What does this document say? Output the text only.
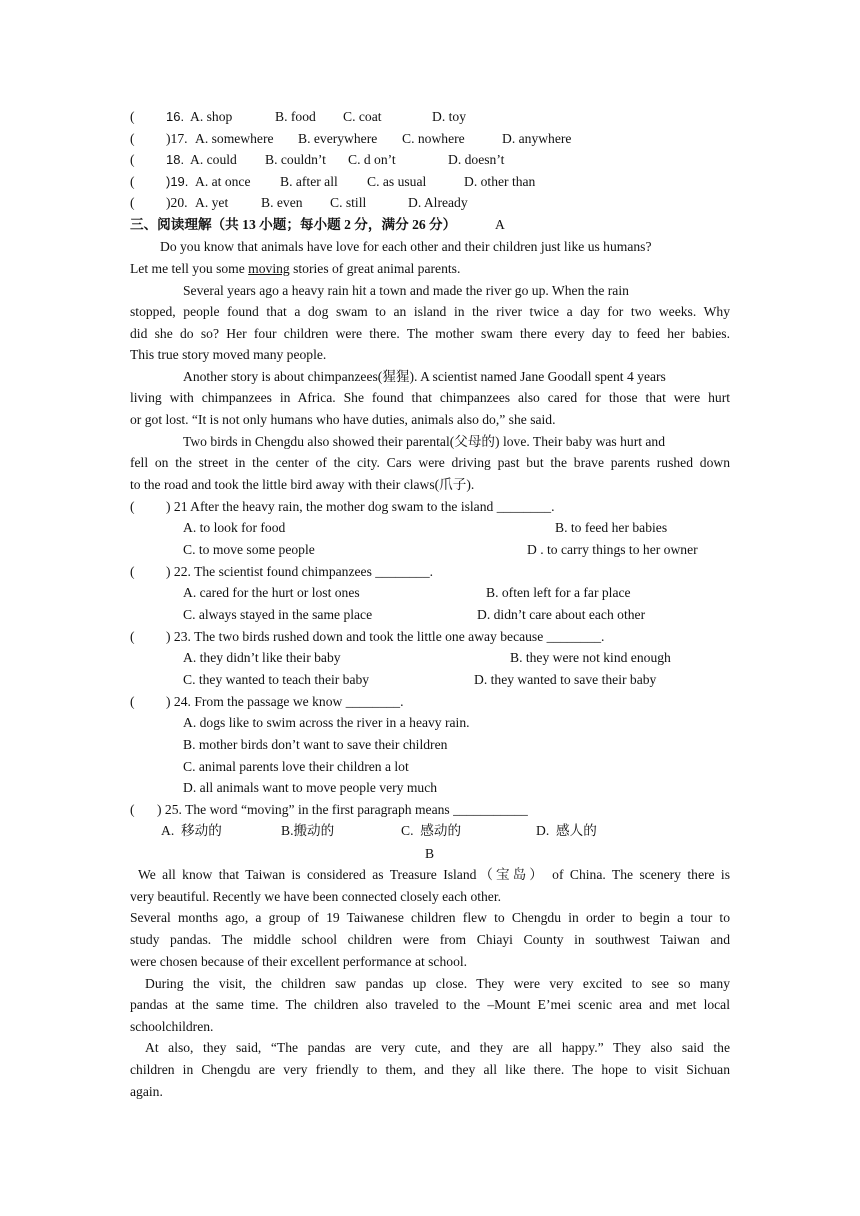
( 16. A. shop	B. food C. coat	D. toy
( )17. A. somewhere B. everywhere C. nowhere	D. anywhere
( 18. A. could B. couldn’t C. d on’t	D. doesn’t
( )19. A. at once B. after all C. as usual	D. other than
( )20. A. yet B. even C. still	D. Already
三、阅读理解（共 13 小题；每小题 2 分，满分 26 分）	A
Do you know that animals have love for each other and their children just like us humans?
Let me tell you some moving stories of great animal parents.
Several years ago a heavy rain hit a town and made the river go up. When the rain
stopped, people found that a dog swam to an island in the river twice a day for two weeks. Why
did she do so? Her four children were there. The mother swam there every day to feed her babies.
This true story moved many people.
Another story is about chimpanzees(猩猩). A scientist named Jane Goodall spent 4 years
living with chimpanzees in Africa. She found that chimpanzees also cared for those that were hurt
or got lost. “It is not only humans who have duties, animals also do,” she said.
Two birds in Chengdu also showed their parental(父母的) love. Their baby was hurt and
fell on the street in the center of the city. Cars were driving past but the brave parents rushed down
to the road and took the little bird away with their claws(爪子).
( ) 21 After the heavy rain, the mother dog swam to the island ________.
A. to look for food	B. to feed her babies
C. to move some people	D . to carry things to her owner
( ) 22. The scientist found chimpanzees ________.
A. cared for the hurt or lost ones	B. often left for a far place
C. always stayed in the same place	D. didn’t care about each other
( ) 23. The two birds rushed down and took the little one away because ________.
A. they didn’t like their baby	B. they were not kind enough
C. they wanted to teach their baby	D. they wanted to save their baby
( ) 24. From the passage we know ________.
A. dogs like to swim across the river in a heavy rain.
B. mother birds don’t want to save their children
C. animal parents love their children a lot
D. all animals want to move people very much
( ) 25. The word “moving” in the first paragraph means ___________
A.  移动的	B.搬动的	C.  感动的	D.  感人的
B
We all know that Taiwan is considered as Treasure Island（宝岛） of China. The scenery there is
very beautiful. Recently we have been connected closely each other.
Several months ago, a group of 19 Taiwanese children flew to Chengdu in order to begin a tour to
study pandas. The middle school children were from Chiayi County in southwest Taiwan and
were chosen because of their excellent performance at school.
During the visit, the children saw pandas up close. They were very excited to see so many
pandas at the same time. The children also traveled to the –Mount E’mei scenic area and met local
schoolchildren.
At also, they said, “The pandas are very cute, and they are all happy.” They also said the
children in Chengdu are very friendly to them, and they all like there. The hope to visit Sichuan
again.
